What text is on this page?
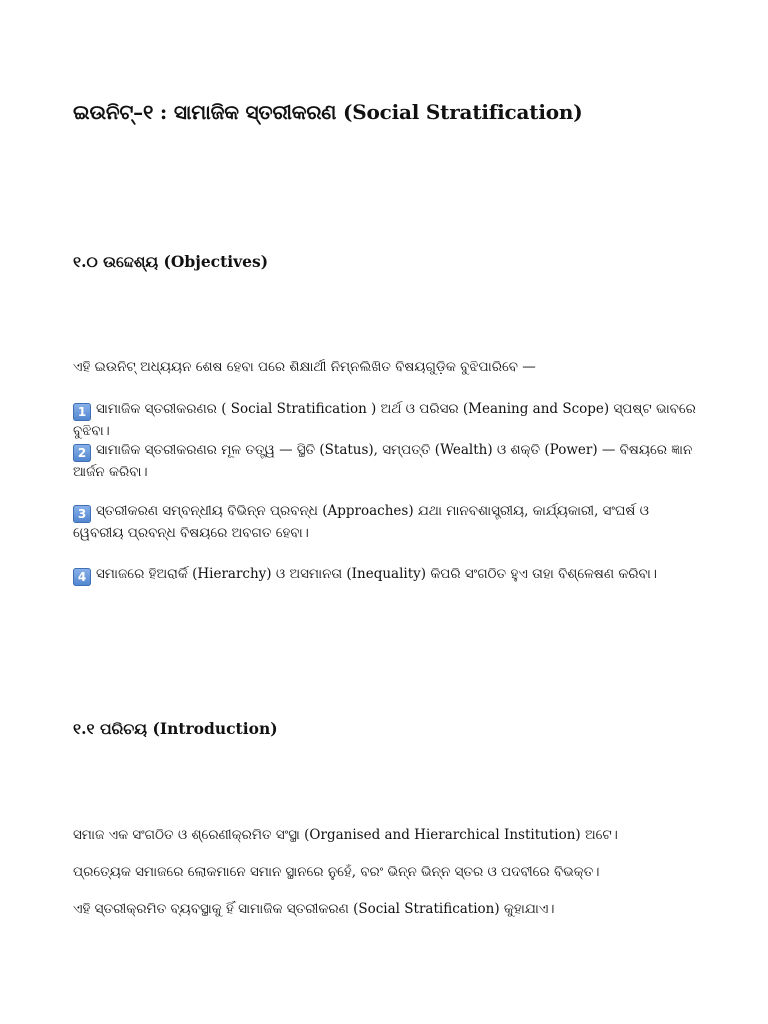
ଇଉନିଟ୍–୧ : ସାମାଜିକ ସ୍ତରୀକରଣ (Social Stratification)
୧.୦ ଉଦ୍ଦେଶ୍ୟ (Objectives)
ଏହି ଇଉନିଟ୍ ଅଧ୍ୟୟନ ଶେଷ ହେବା ପରେ ଶିକ୍ଷାର୍ଥୀ ନିମ୍ନଲିଖିତ ବିଷୟଗୁଡ଼ିକ ବୁଝିପାରିବେ —
1 ସାମାଜିକ ସ୍ତରୀକରଣର ( Social Stratification ) ଅର୍ଥ ଓ ପରିସର (Meaning and Scope) ସ୍ପଷ୍ଟ ଭାବରେ ବୁଝିବା।
2 ସାମାଜିକ ସ୍ତରୀକରଣର ମୂଳ ତତ୍ତ୍ୱ — ସ୍ଥିତି (Status), ସମ୍ପତ୍ତି (Wealth) ଓ ଶକ୍ତି (Power) — ବିଷୟରେ ଜ୍ଞାନ ଆର୍ଜନ କରିବା।
3 ସ୍ତରୀକରଣ ସମ୍ବନ୍ଧୀୟ ବିଭିନ୍ନ ପ୍ରବନ୍ଧ (Approaches) ଯଥା ମାନବଶାସ୍ତ୍ରୀୟ, କାର୍ଯ୍ୟକାରୀ, ସଂଘର୍ଷ ଓ ୱେବରୀୟ ପ୍ରବନ୍ଧ ବିଷୟରେ ଅବଗତ ହେବା।
4 ସମାଜରେ ହିଅରାର୍କି (Hierarchy) ଓ ଅସମାନତା (Inequality) କିପରି ସଂଗଠିତ ହୁଏ ତାହା ବିଶ୍ଳେଷଣ କରିବା।
୧.୧ ପରିଚୟ (Introduction)
ସମାଜ ଏକ ସଂଗଠିତ ଓ ଶ୍ରେଣୀକ୍ରମିତ ସଂସ୍ଥା (Organised and Hierarchical Institution) ଅଟେ।
ପ୍ରତ୍ୟେକ ସମାଜରେ ଲୋକମାନେ ସମାନ ସ୍ଥାନରେ ନୁହେଁ, ବରଂ ଭିନ୍ନ ଭିନ୍ନ ସ୍ତର ଓ ପଦବୀରେ ବିଭକ୍ତ।
ଏହି ସ୍ତରୀକ୍ରମିତ ବ୍ୟବସ୍ଥାକୁ ହିଁ ସାମାଜିକ ସ୍ତରୀକରଣ (Social Stratification) କୁହାଯାଏ।
